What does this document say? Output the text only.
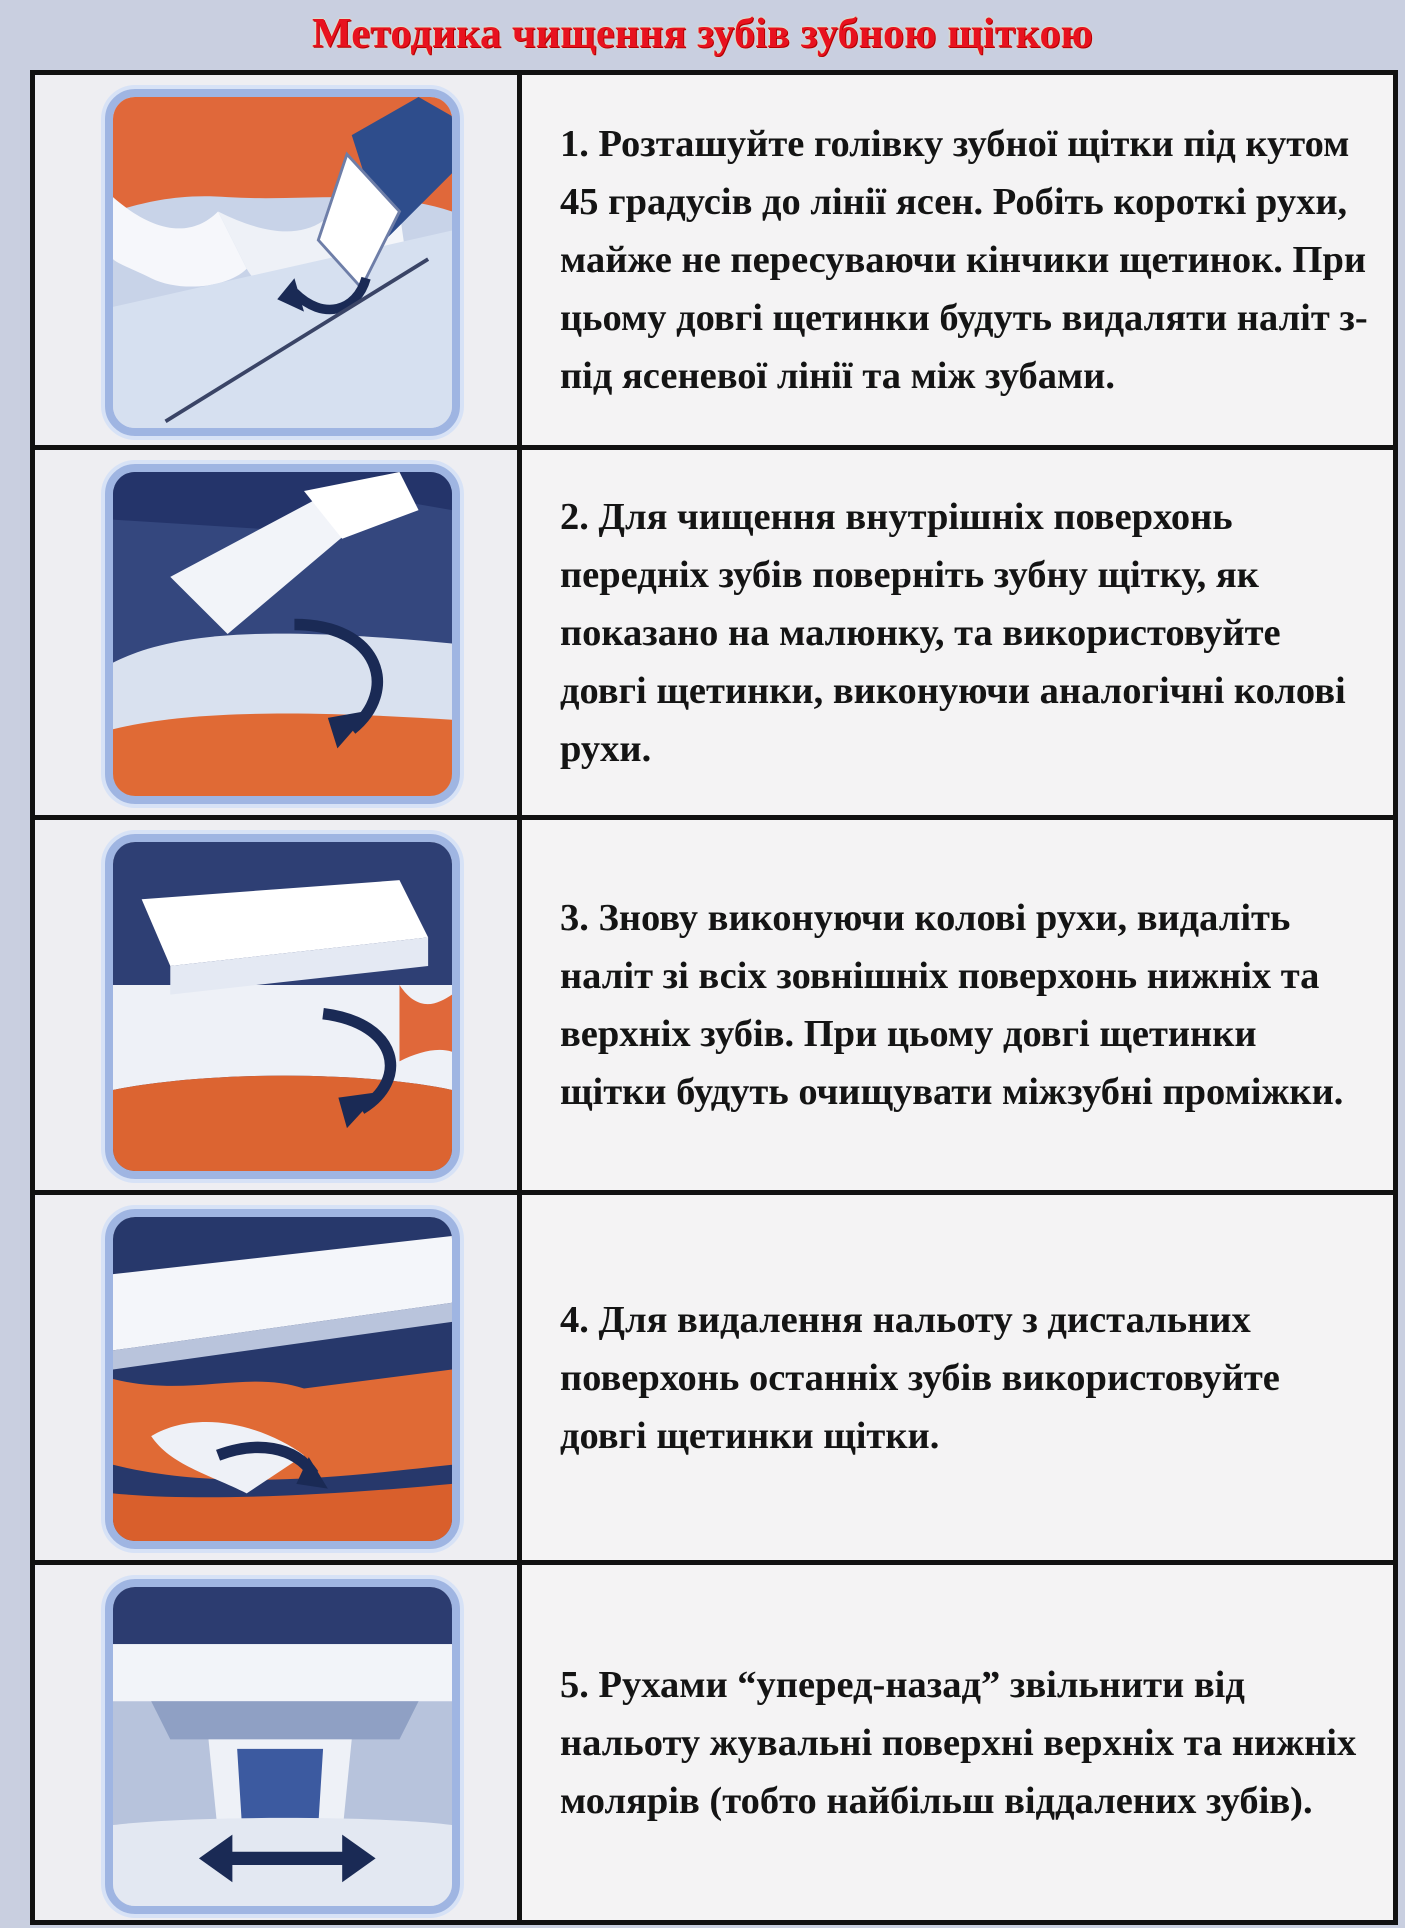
Методика чищення зубів зубною щіткою

1. Розташуйте голівку зубної щітки під кутом 45 градусів до лінії ясен. Робіть короткі рухи, майже не пересуваючи кінчики щетинок. При цьому довгі щетинки будуть видаляти наліт з-під ясеневої лінії та між зубами.

2. Для чищення внутрішніх поверхонь передніх зубів поверніть зубну щітку, як показано на малюнку, та використовуйте довгі щетинки, виконуючи аналогічні колові рухи.

3. Знову виконуючи колові рухи, видаліть наліт зі всіх зовнішніх поверхонь нижніх та верхніх зубів. При цьому довгі щетинки щітки будуть очищувати міжзубні проміжки.

4. Для видалення нальоту з дистальних поверхонь останніх зубів використовуйте довгі щетинки щітки.

5. Рухами “уперед-назад” звільнити від нальоту жувальні поверхні верхніх та нижніх молярів (тобто найбільш віддалених зубів).
